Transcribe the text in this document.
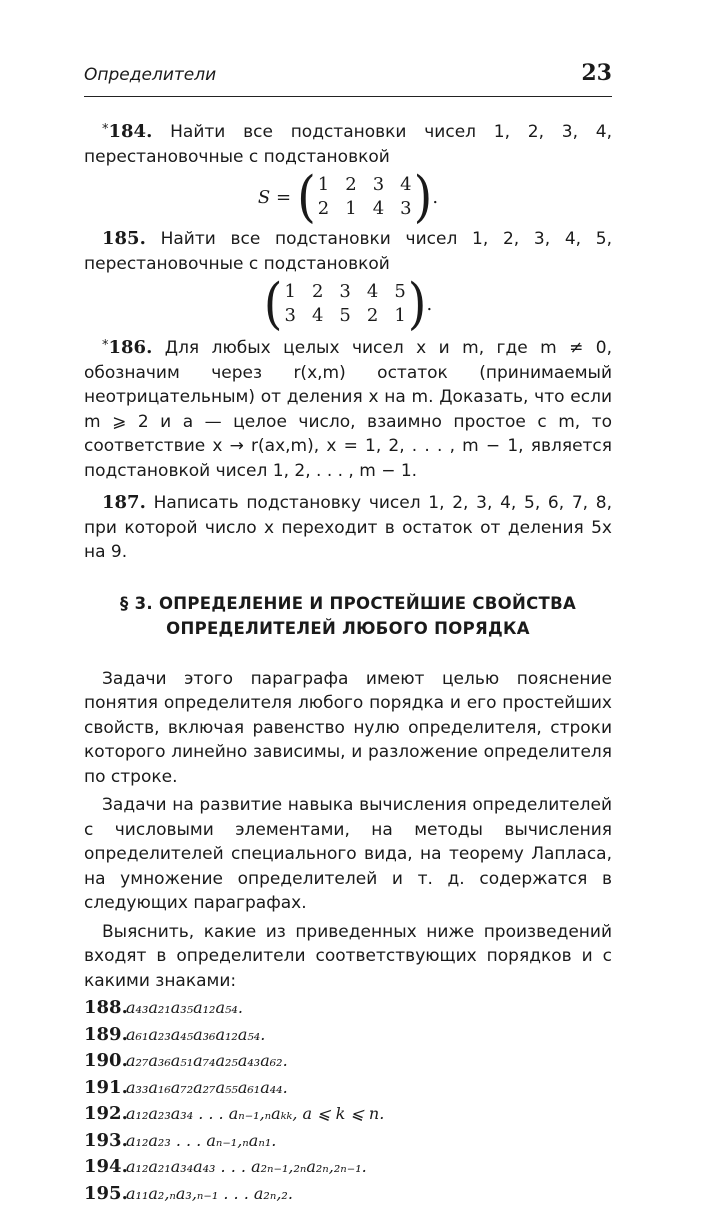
Определители	23

*184. Найти все подстановки чисел 1, 2, 3, 4, перестановочные с подстановкой

S = ( 1 2 3 4
2 1 4 3 ) .

185. Найти все подстановки чисел 1, 2, 3, 4, 5, перестановочные с подстановкой

( 1 2 3 4 5
3 4 5 2 1 ) .

*186. Для любых целых чисел x и m, где m ≠ 0, обозначим через r(x,m) остаток (принимаемый неотрицательным) от деления x на m. Доказать, что если m ⩾ 2 и a — целое число, взаимно простое с m, то соответствие x → r(ax,m), x = 1, 2, . . . , m − 1, является подстановкой чисел 1, 2, . . . , m − 1.

187. Написать подстановку чисел 1, 2, 3, 4, 5, 6, 7, 8, при которой число x переходит в остаток от деления 5x на 9.

§ 3. ОПРЕДЕЛЕНИЕ И ПРОСТЕЙШИЕ СВОЙСТВА
ОПРЕДЕЛИТЕЛЕЙ ЛЮБОГО ПОРЯДКА

Задачи этого параграфа имеют целью пояснение понятия определителя любого порядка и его простейших свойств, включая равенство нулю определителя, строки которого линейно зависимы, и разложение определителя по строке.

Задачи на развитие навыка вычисления определителей с числовыми элементами, на методы вычисления определителей специального вида, на теорему Лапласа, на умножение определителей и т. д. содержатся в следующих параграфах.

Выяснить, какие из приведенных ниже произведений входят в определители соответствующих порядков и с какими знаками:

188.
a₄₃a₂₁a₃₅a₁₂a₅₄.
189.
a₆₁a₂₃a₄₅a₃₆a₁₂a₅₄.
190.
a₂₇a₃₆a₅₁a₇₄a₂₅a₄₃a₆₂.
191.
a₃₃a₁₆a₇₂a₂₇a₅₅a₆₁a₄₄.
192.
a₁₂a₂₃a₃₄ . . . aₙ₋₁,ₙaₖₖ, a ⩽ k ⩽ n.
193.
a₁₂a₂₃ . . . aₙ₋₁,ₙaₙ₁.
194.
a₁₂a₂₁a₃₄a₄₃ . . . a₂ₙ₋₁,₂ₙa₂ₙ,₂ₙ₋₁.
195.
a₁₁a₂,ₙa₃,ₙ₋₁ . . . a₂ₙ,₂.
